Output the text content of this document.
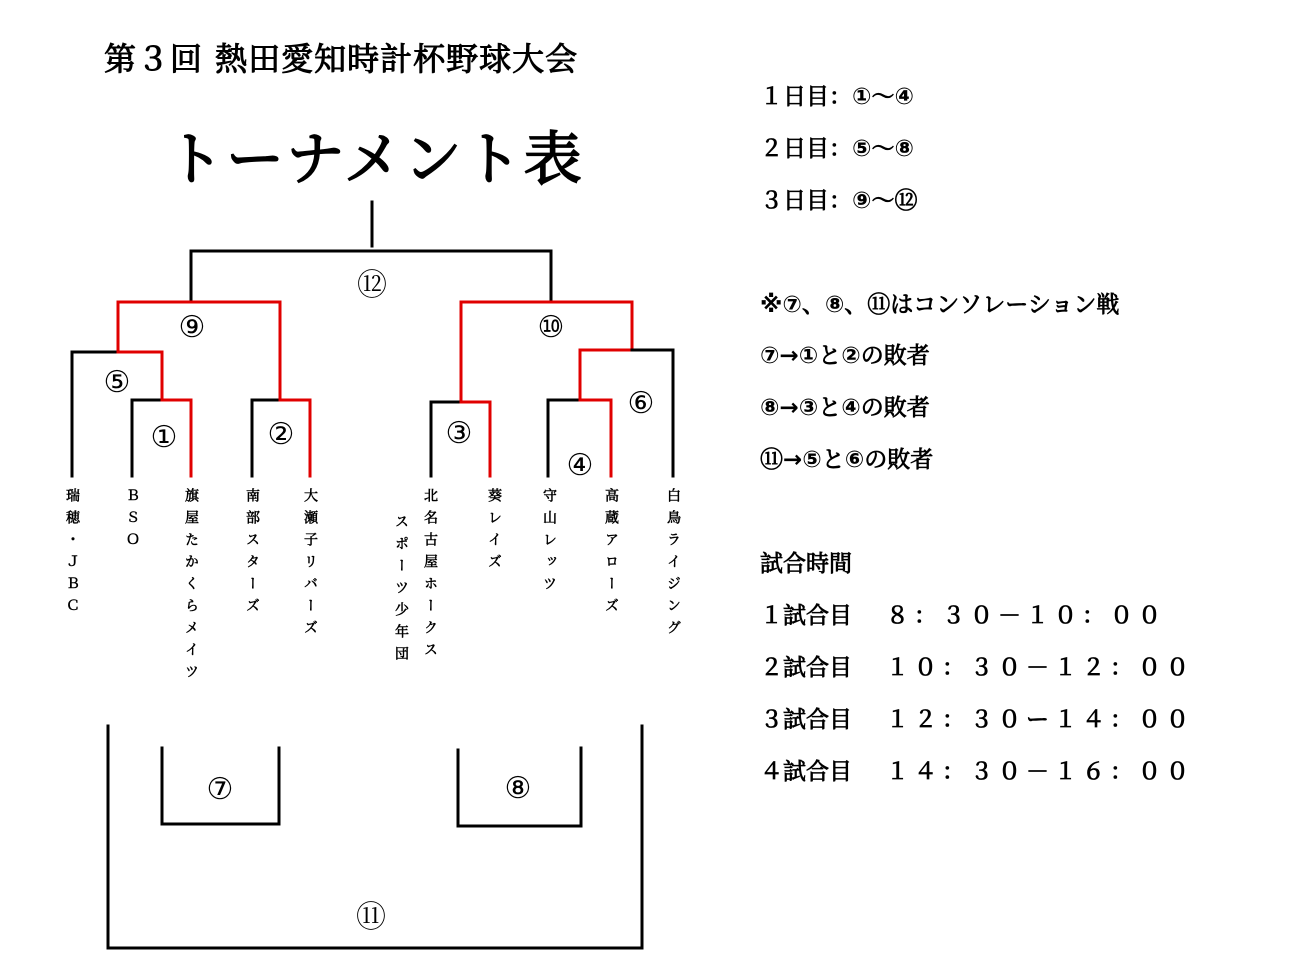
第３回 熱田愛知時計杯野球大会
トーナメント表
１日目：①～④
２日目：⑤～⑧
３日目：⑨～⑫
※⑦、⑧、⑪はコンソレーション戦
⑦→①と②の敗者
⑧→③と④の敗者
⑪→⑤と⑥の敗者
試合時間
１試合目 ８：３０－１０：００
２試合目 １０：３０－１２：００
３試合目 １２：３０ー１４：００
４試合目 １４：３０－１６：００
①	②	③
④
⑤
⑥
⑦	⑧
⑨	⑩
⑪
⑫
瑞穂・ＪＢＣ	ＢＳＯ	旗屋たかくらメイツ	南部スターズ	大瀬子リバーズ	北名古屋ホークス
スポーツ少年団	葵レイズ	守山レッツ	高蔵アローズ	白鳥ライジング
